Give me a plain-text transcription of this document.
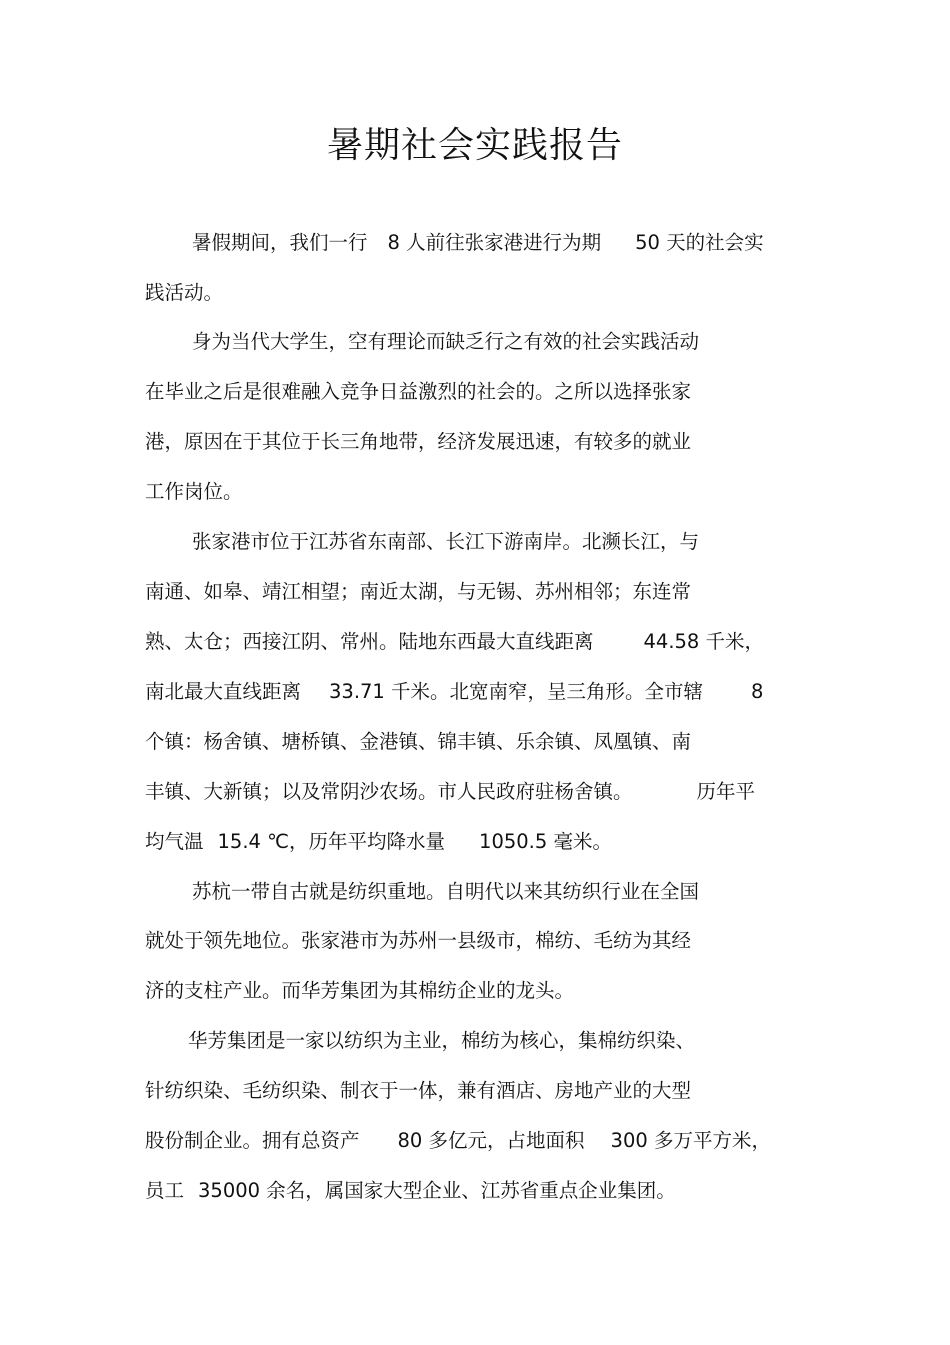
暑期社会实践报告
暑假期间，我们一行 8 人前往张家港进行为期 50 天的社会实
践活动。
身为当代大学生，空有理论而缺乏行之有效的社会实践活动
在毕业之后是很难融入竞争日益激烈的社会的。之所以选择张家
港，原因在于其位于长三角地带，经济发展迅速，有较多的就业
工作岗位。
张家港市位于江苏省东南部、长江下游南岸。北濒长江，与
南通、如皋、靖江相望；南近太湖，与无锡、苏州相邻；东连常
熟、太仓；西接江阴、常州。陆地东西最大直线距离	44.58 千米，
南北最大直线距离 33.71 千米。北宽南窄，呈三角形。全市辖 8
个镇：杨舍镇、塘桥镇、金港镇、锦丰镇、乐余镇、凤凰镇、南
丰镇、大新镇；以及常阴沙农场。市人民政府驻杨舍镇。	历年平
均气温 15.4 ℃，历年平均降水量 1050.5 毫米。
苏杭一带自古就是纺织重地。自明代以来其纺织行业在全国
就处于领先地位。张家港市为苏州一县级市，棉纺、毛纺为其经
济的支柱产业。而华芳集团为其棉纺企业的龙头。
华芳集团是一家以纺织为主业，棉纺为核心，集棉纺织染、
针纺织染、毛纺织染、制衣于一体，兼有酒店、房地产业的大型
股份制企业。拥有总资产 80 多亿元，占地面积 300 多万平方米，
员工 35000 余名，属国家大型企业、江苏省重点企业集团。
